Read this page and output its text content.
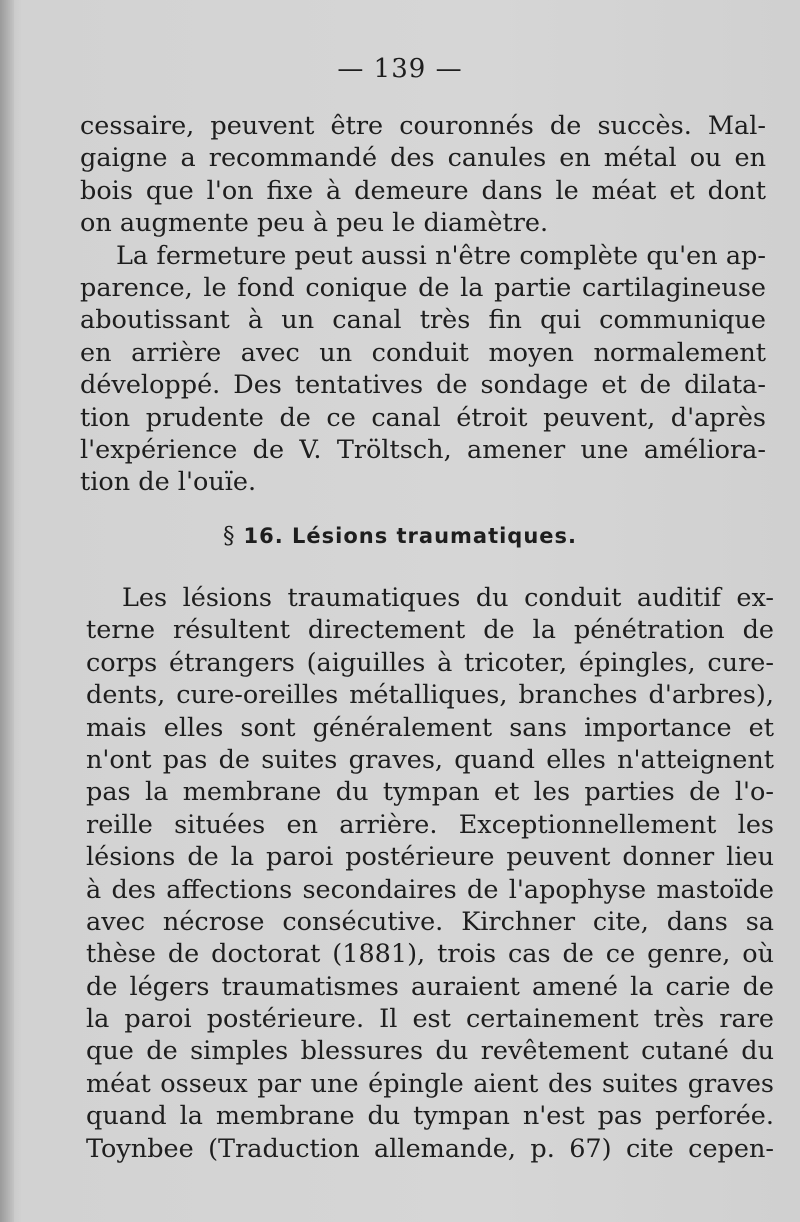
— 139 —
cessaire, peuvent être couronnés de succès. Mal-
gaigne a recommandé des canules en métal ou en
bois que l'on fixe à demeure dans le méat et dont
on augmente peu à peu le diamètre.
La fermeture peut aussi n'être complète qu'en ap-
parence, le fond conique de la partie cartilagineuse
aboutissant à un canal très fin qui communique
en arrière avec un conduit moyen normalement
développé. Des tentatives de sondage et de dilata-
tion prudente de ce canal étroit peuvent, d'après
l'expérience de V. Tröltsch, amener une améliora-
tion de l'ouïe.
§ 16. Lésions traumatiques.
Les lésions traumatiques du conduit auditif ex-
terne résultent directement de la pénétration de
corps étrangers (aiguilles à tricoter, épingles, cure-
dents, cure-oreilles métalliques, branches d'arbres),
mais elles sont généralement sans importance et
n'ont pas de suites graves, quand elles n'atteignent
pas la membrane du tympan et les parties de l'o-
reille situées en arrière. Exceptionnellement les
lésions de la paroi postérieure peuvent donner lieu
à des affections secondaires de l'apophyse mastoïde
avec nécrose consécutive. Kirchner cite, dans sa
thèse de doctorat (1881), trois cas de ce genre, où
de légers traumatismes auraient amené la carie de
la paroi postérieure. Il est certainement très rare
que de simples blessures du revêtement cutané du
méat osseux par une épingle aient des suites graves
quand la membrane du tympan n'est pas perforée.
Toynbee (Traduction allemande, p. 67) cite cepen-
